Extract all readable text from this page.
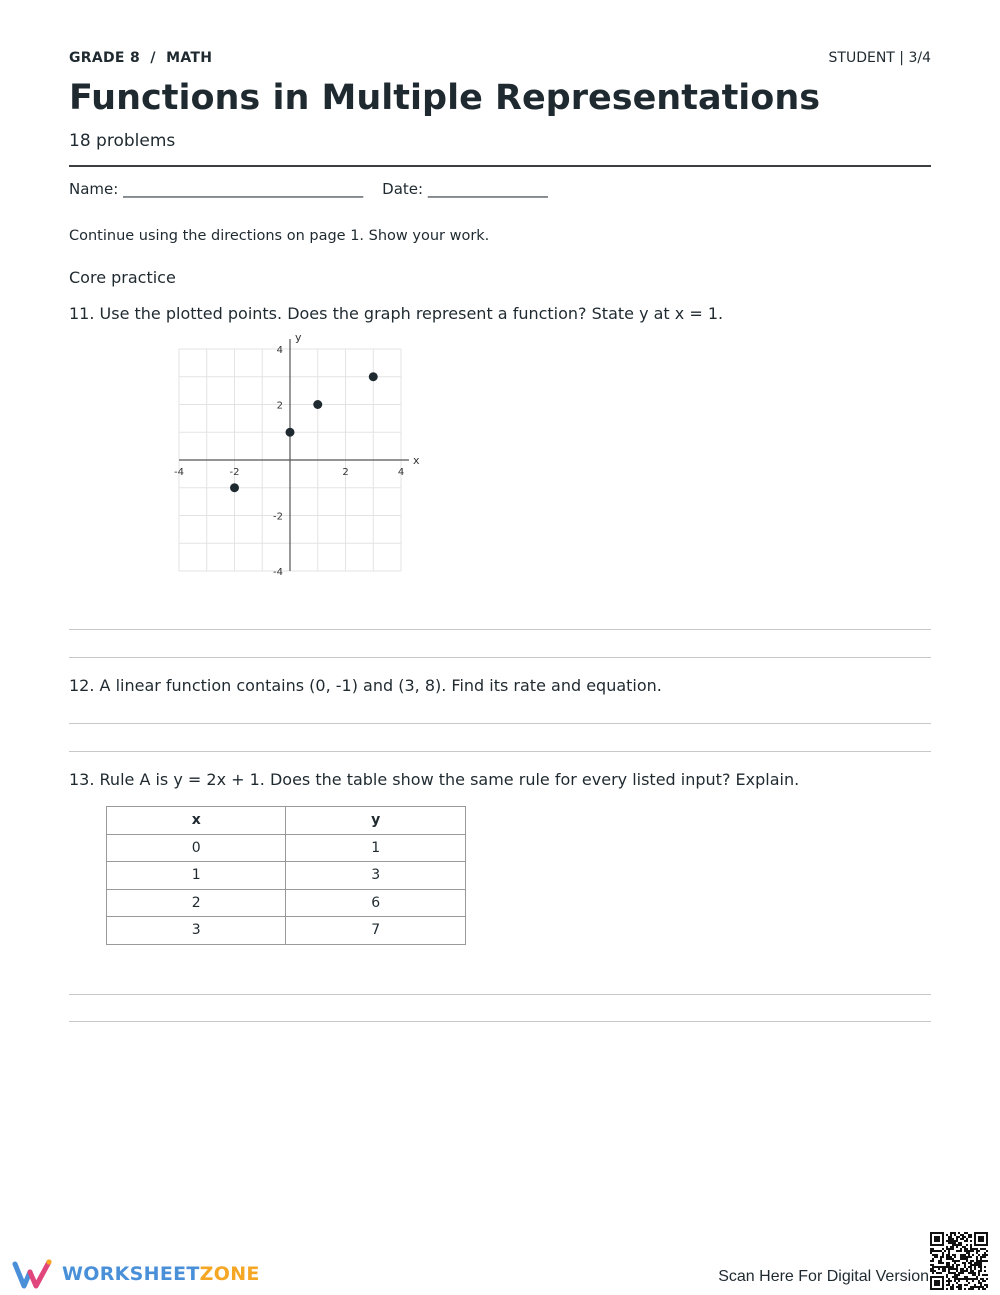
GRADE 8  /  MATH	STUDENT | 3/4
Functions in Multiple Representations
18 problems
Name: ________________________________ Date: ________________
Continue using the directions on page 1. Show your work.
Core practice
11. Use the plotted points. Does the graph represent a function? State y at x = 1.
x
y
-4	-2	2	4
4
2
-2
-4
12. A linear function contains (0, -1) and (3, 8). Find its rate and equation.
13. Rule A is y = 2x + 1. Does the table show the same rule for every listed input? Explain.
x	y
0	1
1	3
2	6
3	7
WORKSHEETZONE	Scan Here For Digital Version
